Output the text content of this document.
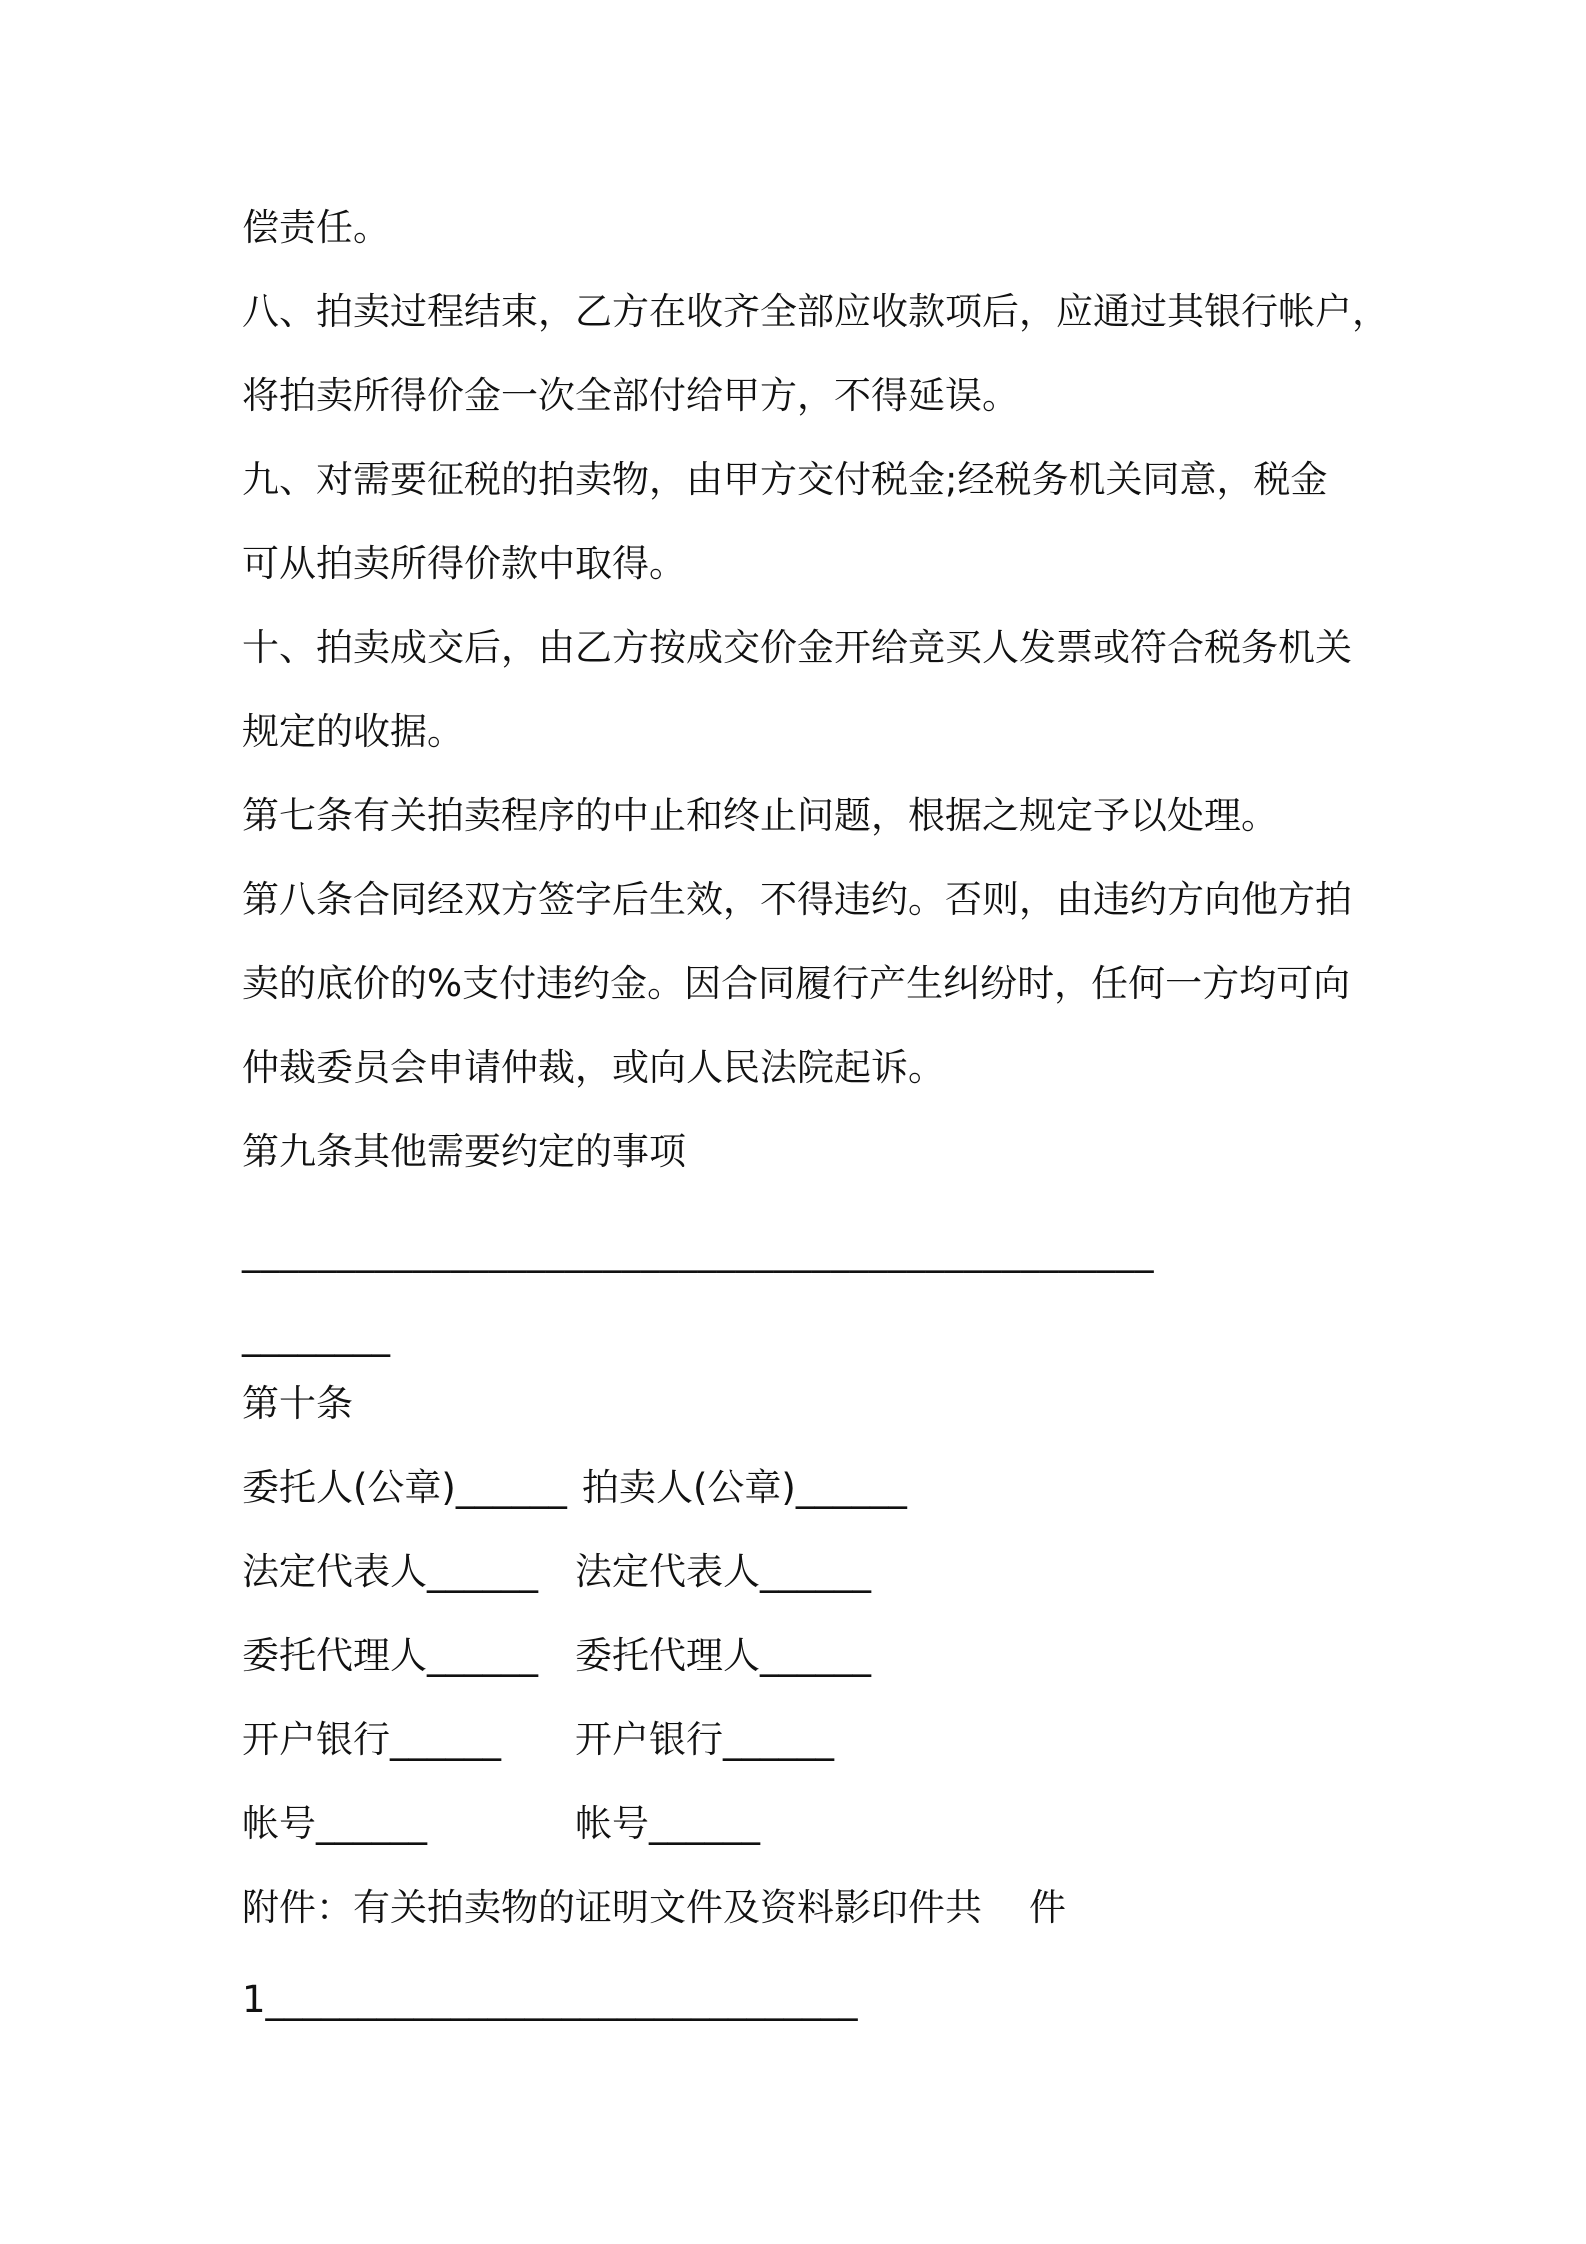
偿责任。
八、拍卖过程结束，乙方在收齐全部应收款项后，应通过其银行帐户，
将拍卖所得价金一次全部付给甲方，不得延误。
九、对需要征税的拍卖物，由甲方交付税金;经税务机关同意，税金
可从拍卖所得价款中取得。
十、拍卖成交后，由乙方按成交价金开给竞买人发票或符合税务机关
规定的收据。
第七条有关拍卖程序的中止和终止问题，根据之规定予以处理。
第八条合同经双方签字后生效，不得违约。否则，由违约方向他方拍
卖的底价的%支付违约金。因合同履行产生纠纷时，任何一方均可向
仲裁委员会申请仲裁，或向人民法院起诉。
第九条其他需要约定的事项
________________________________________________
________
第十条

委托人(公章)______

拍卖人(公章)______

法定代表人______

法定代表人______

委托代理人______

委托代理人______

开户银行______

开户银行______

帐号______

	帐号______

附件：有关拍卖物的证明文件及资料影印件共    件
1________________________________
